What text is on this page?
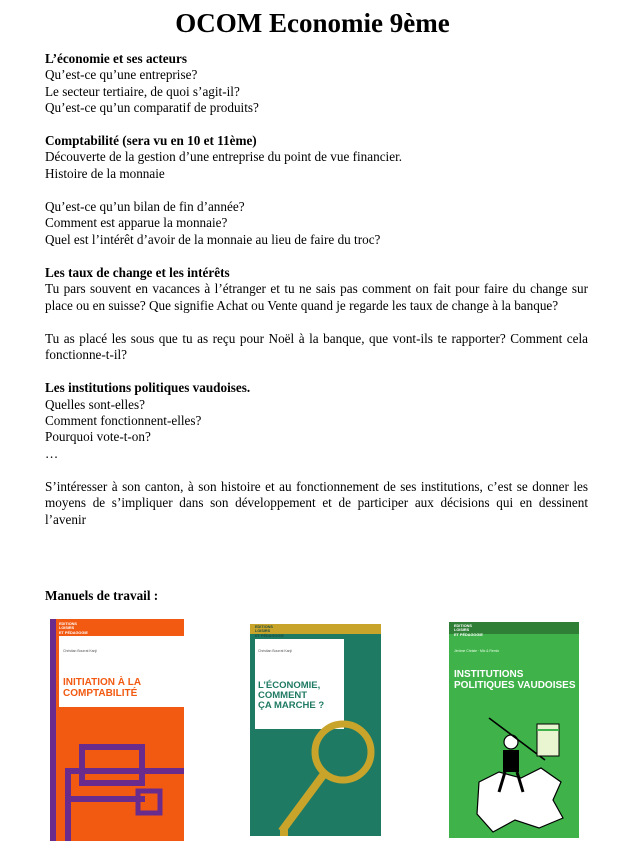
OCOM Economie 9ème

L’économie et ses acteurs

Qu’est-ce qu’une entreprise?

Le secteur tertiaire, de quoi s’agit-il?

Qu’est-ce qu’un comparatif de produits?

Comptabilité (sera vu en 10 et 11ème)

Découverte de la gestion d’une entreprise du point de vue financier.

Histoire de la monnaie

Qu’est-ce qu’un bilan de fin d’année?

Comment est apparue la monnaie?

Quel est l’intérêt d’avoir de la monnaie au lieu de faire du troc?

Les taux de change et les intérêts

Tu pars souvent en vacances à l’étranger et tu ne sais pas comment on fait pour faire du change sur place ou en suisse? Que signifie Achat ou Vente quand je regarde les taux de change à la banque?

Tu as placé les sous que tu as reçu pour Noël à la banque, que vont-ils te rapporter? Comment cela fonctionne-t-il?

Les institutions politiques vaudoises.

Quelles sont-elles?

Comment fonctionnent-elles?

Pourquoi vote-t-on?

…

S’intéresser à son canton, à son histoire et au fonctionnement de ses institutions, c’est se donner les moyens de s’impliquer dans son développement et de participer aux décisions qui en dessinent l’avenir

Manuels de travail :
EDITIONS
LOISIRS
ET PÉDAGOGIE
Christian Bourrat Kanji
INITIATION À LA
COMPTABILITÉ
EDITIONS
LOISIRS
ET PÉDAGOGIE
Christian Bourrat Kanji
L’ÉCONOMIE,
COMMENT
ÇA MARCHE ?
EDITIONS
LOISIRS
ET PÉDAGOGIE
Jérôme Christe · Mix & Remix
INSTITUTIONS
POLITIQUES VAUDOISES
